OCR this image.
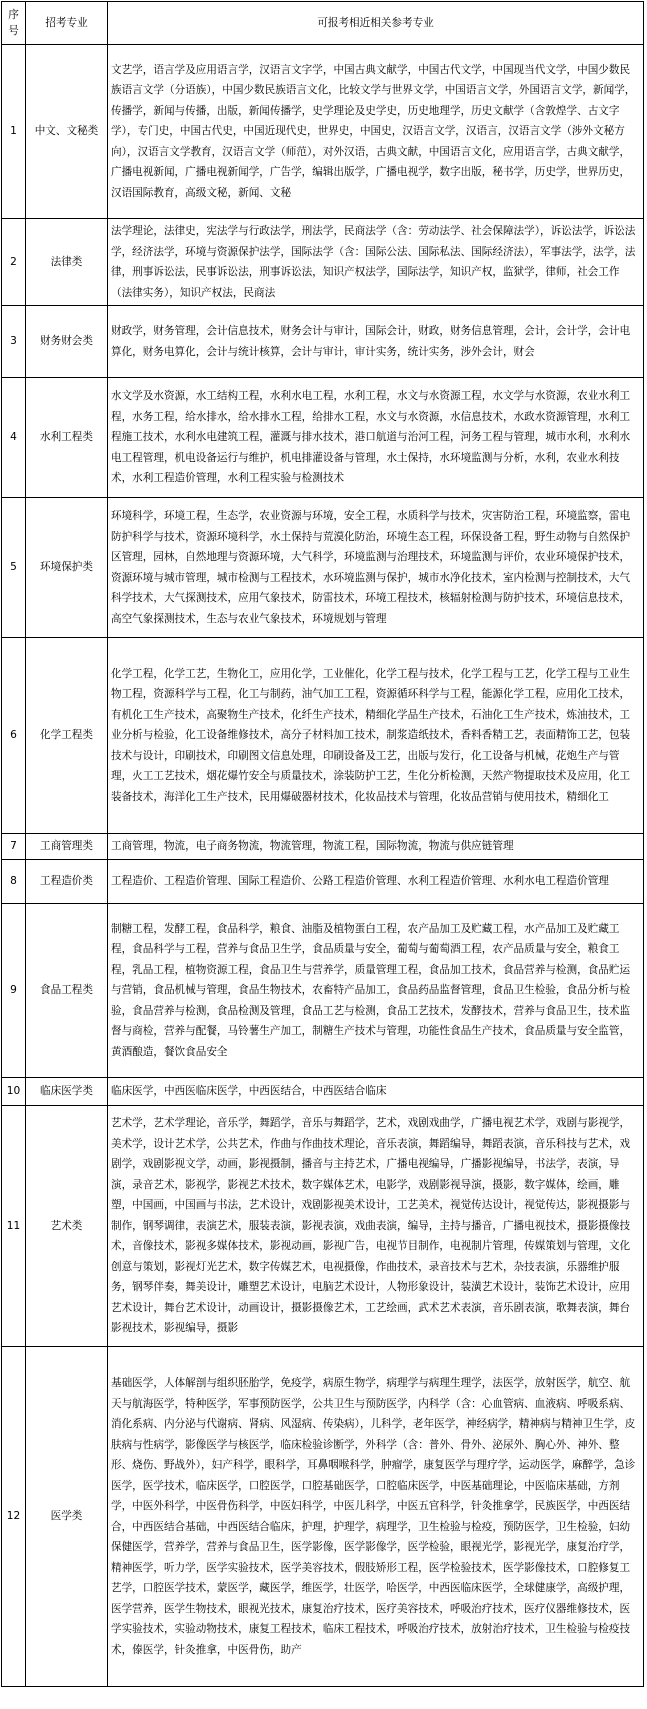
序号	招考专业	可报考相近相关参考专业
1	中文、文秘类	文艺学，语言学及应用语言学，汉语言文字学，中国古典文献学，中国古代文学，中国现当代文学，中国少数民族语言文学（分语族），中国少数民族语言文化，比较文学与世界文学，中国语言文学，外国语言文学，新闻学，传播学，新闻与传播，出版，新闻传播学，史学理论及史学史，历史地理学，历史文献学（含敦煌学、古文字学），专门史，中国古代史，中国近现代史，世界史，中国史，汉语言文学，汉语言，汉语言文学（涉外文秘方向），汉语言文学教育，汉语言文学（师范），对外汉语，古典文献，中国语言文化，应用语言学，古典文献学，广播电视新闻，广播电视新闻学，广告学，编辑出版学，广播电视学，数字出版，秘书学，历史学，世界历史，汉语国际教育，高级文秘，新闻、文秘
2	法律类	法学理论，法律史，宪法学与行政法学，刑法学，民商法学（含：劳动法学、社会保障法学），诉讼法学，诉讼法学，经济法学，环境与资源保护法学，国际法学（含：国际公法、国际私法、国际经济法），军事法学，法学，法律，刑事诉讼法，民事诉讼法，刑事诉讼法，知识产权法学，国际法学，知识产权，监狱学，律师，社会工作（法律实务），知识产权法，民商法
3	财务财会类	财政学，财务管理，会计信息技术，财务会计与审计，国际会计，财政，财务信息管理，会计，会计学，会计电算化，财务电算化，会计与统计核算，会计与审计，审计实务，统计实务，涉外会计，财会
4	水利工程类	水文学及水资源，水工结构工程，水利水电工程，水利工程，水文与水资源工程，水文学与水资源，农业水利工程，水务工程，给水排水，给水排水工程，给排水工程，水文与水资源，水信息技术，水政水资源管理，水利工程施工技术，水利水电建筑工程，灌溉与排水技术，港口航道与治河工程，河务工程与管理，城市水利，水利水电工程管理，机电设备运行与维护，机电排灌设备与管理，水土保持，水环境监测与分析，水利，农业水利技术，水利工程造价管理，水利工程实验与检测技术
5	环境保护类	环境科学，环境工程，生态学，农业资源与环境，安全工程，水质科学与技术，灾害防治工程，环境监察，雷电防护科学与技术，资源环境科学，水土保持与荒漠化防治，环境生态工程，环保设备工程，野生动物与自然保护区管理，园林，自然地理与资源环境，大气科学，环境监测与治理技术，环境监测与评价，农业环境保护技术，资源环境与城市管理，城市检测与工程技术，水环境监测与保护，城市水净化技术，室内检测与控制技术，大气科学技术，大气探测技术，应用气象技术，防雷技术，环境工程技术，核辐射检测与防护技术，环境信息技术，高空气象探测技术，生态与农业气象技术，环境规划与管理
6	化学工程类	化学工程，化学工艺，生物化工，应用化学，工业催化，化学工程与技术，化学工程与工艺，化学工程与工业生物工程，资源科学与工程，化工与制药，油气加工工程，资源循环科学与工程，能源化学工程，应用化工技术，有机化工生产技术，高聚物生产技术，化纤生产技术，精细化学品生产技术，石油化工生产技术，炼油技术，工业分析与检验，化工设备维修技术，高分子材料加工技术，制浆造纸技术，香料香精工艺，表面精饰工艺，包装技术与设计，印刷技术，印刷图文信息处理，印刷设备及工艺，出版与发行，化工设备与机械，花炮生产与管理，火工工艺技术，烟花爆竹安全与质量技术，涂装防护工艺，生化分析检测，天然产物提取技术及应用，化工装备技术，海洋化工生产技术，民用爆破器材技术，化妆品技术与管理，化妆品营销与使用技术，精细化工
7	工商管理类	工商管理，物流，电子商务物流，物流管理，物流工程，国际物流，物流与供应链管理
8	工程造价类	工程造价、工程造价管理、国际工程造价、公路工程造价管理、水利工程造价管理、水利水电工程造价管理
9	食品工程类	制糖工程，发酵工程，食品科学，粮食、油脂及植物蛋白工程，农产品加工及贮藏工程，水产品加工及贮藏工程，食品科学与工程，营养与食品卫生学，食品质量与安全，葡萄与葡萄酒工程，农产品质量与安全，粮食工程，乳品工程，植物资源工程，食品卫生与营养学，质量管理工程，食品加工技术，食品营养与检测，食品贮运与营销，食品机械与管理，食品生物技术，农畜特产品加工，食品药品监督管理，食品卫生检验，食品分析与检验，食品营养与检测，食品检测及管理，食品工艺与检测，食品工艺技术，发酵技术，营养与食品卫生，技术监督与商检，营养与配餐，马铃薯生产加工，制糖生产技术与管理，功能性食品生产技术，食品质量与安全监管，黄酒酿造，餐饮食品安全
10	临床医学类	临床医学，中西医临床医学，中西医结合，中西医结合临床
11	艺术类	艺术学，艺术学理论，音乐学，舞蹈学，音乐与舞蹈学，艺术，戏剧戏曲学，广播电视艺术学，戏剧与影视学，美术学，设计艺术学，公共艺术，作曲与作曲技术理论，音乐表演，舞蹈编导，舞蹈表演，音乐科技与艺术，戏剧学，戏剧影视文学，动画，影视摄制，播音与主持艺术，广播电视编导，广播影视编导，书法学，表演，导演，录音艺术，影视学，影视艺术技术，数字媒体艺术，电影学，戏剧影视导演，摄影，数字媒体，绘画，雕塑，中国画，中国画与书法，艺术设计，戏剧影视美术设计，工艺美术，视觉传达设计，视觉传达，影视摄影与制作，钢琴调律，表演艺术，服装表演，影视表演，戏曲表演，编导，主持与播音，广播电视技术，摄影摄像技术，音像技术，影视多媒体技术，影视动画，影视广告，电视节目制作，电视制片管理，传媒策划与管理，文化创意与策划，影视灯光艺术，数字传媒艺术，电视摄像，作曲技术，录音技术与艺术，杂技表演，乐器维护服务，钢琴伴奏，舞美设计，雕塑艺术设计，电脑艺术设计，人物形象设计，装潢艺术设计，装饰艺术设计，应用艺术设计，舞台艺术设计，动画设计，摄影摄像艺术，工艺绘画，武术艺术表演，音乐剧表演，歌舞表演，舞台影视技术，影视编导，摄影
12	医学类	基础医学，人体解剖与组织胚胎学，免疫学，病原生物学，病理学与病理生理学，法医学，放射医学，航空、航天与航海医学，特种医学，军事预防医学，公共卫生与预防医学，内科学（含：心血管病、血液病、呼吸系病、消化系病、内分泌与代谢病、肾病、风湿病、传染病），儿科学，老年医学，神经病学，精神病与精神卫生学，皮肤病与性病学，影像医学与核医学，临床检验诊断学，外科学（含：普外、骨外、泌尿外、胸心外、神外、整形、烧伤、野战外），妇产科学，眼科学，耳鼻咽喉科学，肿瘤学，康复医学与理疗学，运动医学，麻醉学，急诊医学，医学技术，临床医学，口腔医学，口腔基础医学，口腔临床医学，中医基础理论，中医临床基础，方剂学，中医外科学，中医骨伤科学，中医妇科学，中医儿科学，中医五官科学，针灸推拿学，民族医学，中西医结合，中西医结合基础，中西医结合临床，护理，护理学，病理学，卫生检验与检疫，预防医学，卫生检验，妇幼保健医学，营养学，营养与食品卫生，医学影像，医学影像学，医学检验，眼视光学，影视光学，康复治疗学，精神医学，听力学，医学实验技术，医学美容技术，假肢矫形工程，医学检验技术，医学影像技术，口腔修复工艺学，口腔医学技术，蒙医学，藏医学，维医学，壮医学，哈医学，中西医临床医学，全球健康学，高级护理，医学营养，医学生物技术，眼视光技术，康复治疗技术，医疗美容技术，呼吸治疗技术，医疗仪器维修技术，医学实验技术，实验动物技术，康复工程技术，临床工程技术，呼吸治疗技术，放射治疗技术，卫生检验与检疫技术，傣医学，针灸推拿，中医骨伤，助产
